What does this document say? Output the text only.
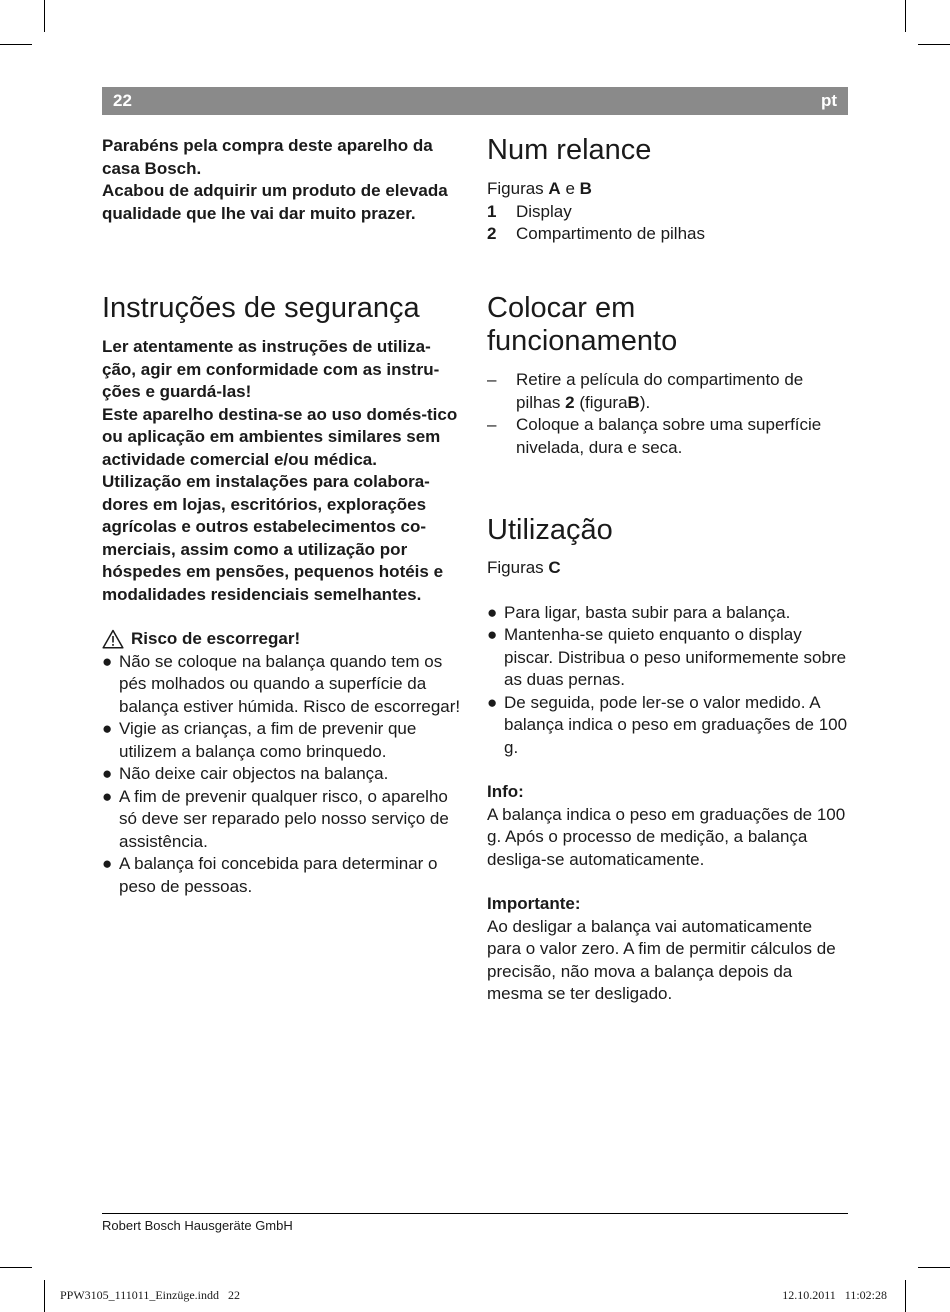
22	pt

Parabéns pela compra deste aparelho da casa Bosch.

Acabou de adquirir um produto de elevada qualidade que lhe vai dar muito prazer.

Instruções de segurança

Ler atentamente as instruções de utiliza-ção, agir em conformidade com as instru-ções e guardá-las!

Este aparelho destina-se ao uso domés-tico ou aplicação em ambientes similares sem actividade comercial e/ou médica.

Utilização em instalações para colabora-dores em lojas, escritórios, explorações agrícolas e outros estabelecimentos co-merciais, assim como a utilização por hóspedes em pensões, pequenos hotéis e modalidades residenciais semelhantes.

Risco de escorregar!
● Não se coloque na balança quando tem os pés molhados ou quando a superfície da balança estiver húmida. Risco de escorregar!
● Vigie as crianças, a fim de prevenir que utilizem a balança como brinquedo.
● Não deixe cair objectos na balança.
● A fim de prevenir qualquer risco, o aparelho só deve ser reparado pelo nosso serviço de assistência.
● A balança foi concebida para determinar o peso de pessoas.
Num relance

Figuras A e B

1	Display
2	Compartimento de pilhas
Colocar em
funcionamento
–	Retire a película do compartimento de pilhas 2 (figuraB).
–	Coloque a balança sobre uma superfície nivelada, dura e seca.
Utilização

Figuras C

● Para ligar, basta subir para a balança.
● Mantenha-se quieto enquanto o display piscar. Distribua o peso uniformemente sobre as duas pernas.
● De seguida, pode ler-se o valor medido. A balança indica o peso em graduações de 100 g.

Info:

A balança indica o peso em graduações de 100 g. Após o processo de medição, a balança desliga-se automaticamente.

Importante:

Ao desligar a balança vai automaticamente para o valor zero. A fim de permitir cálculos de precisão, não mova a balança depois da mesma se ter desligado.

Robert Bosch Hausgeräte GmbH
PPW3105_111011_Einzüge.indd   22	12.10.2011   11:02:28
